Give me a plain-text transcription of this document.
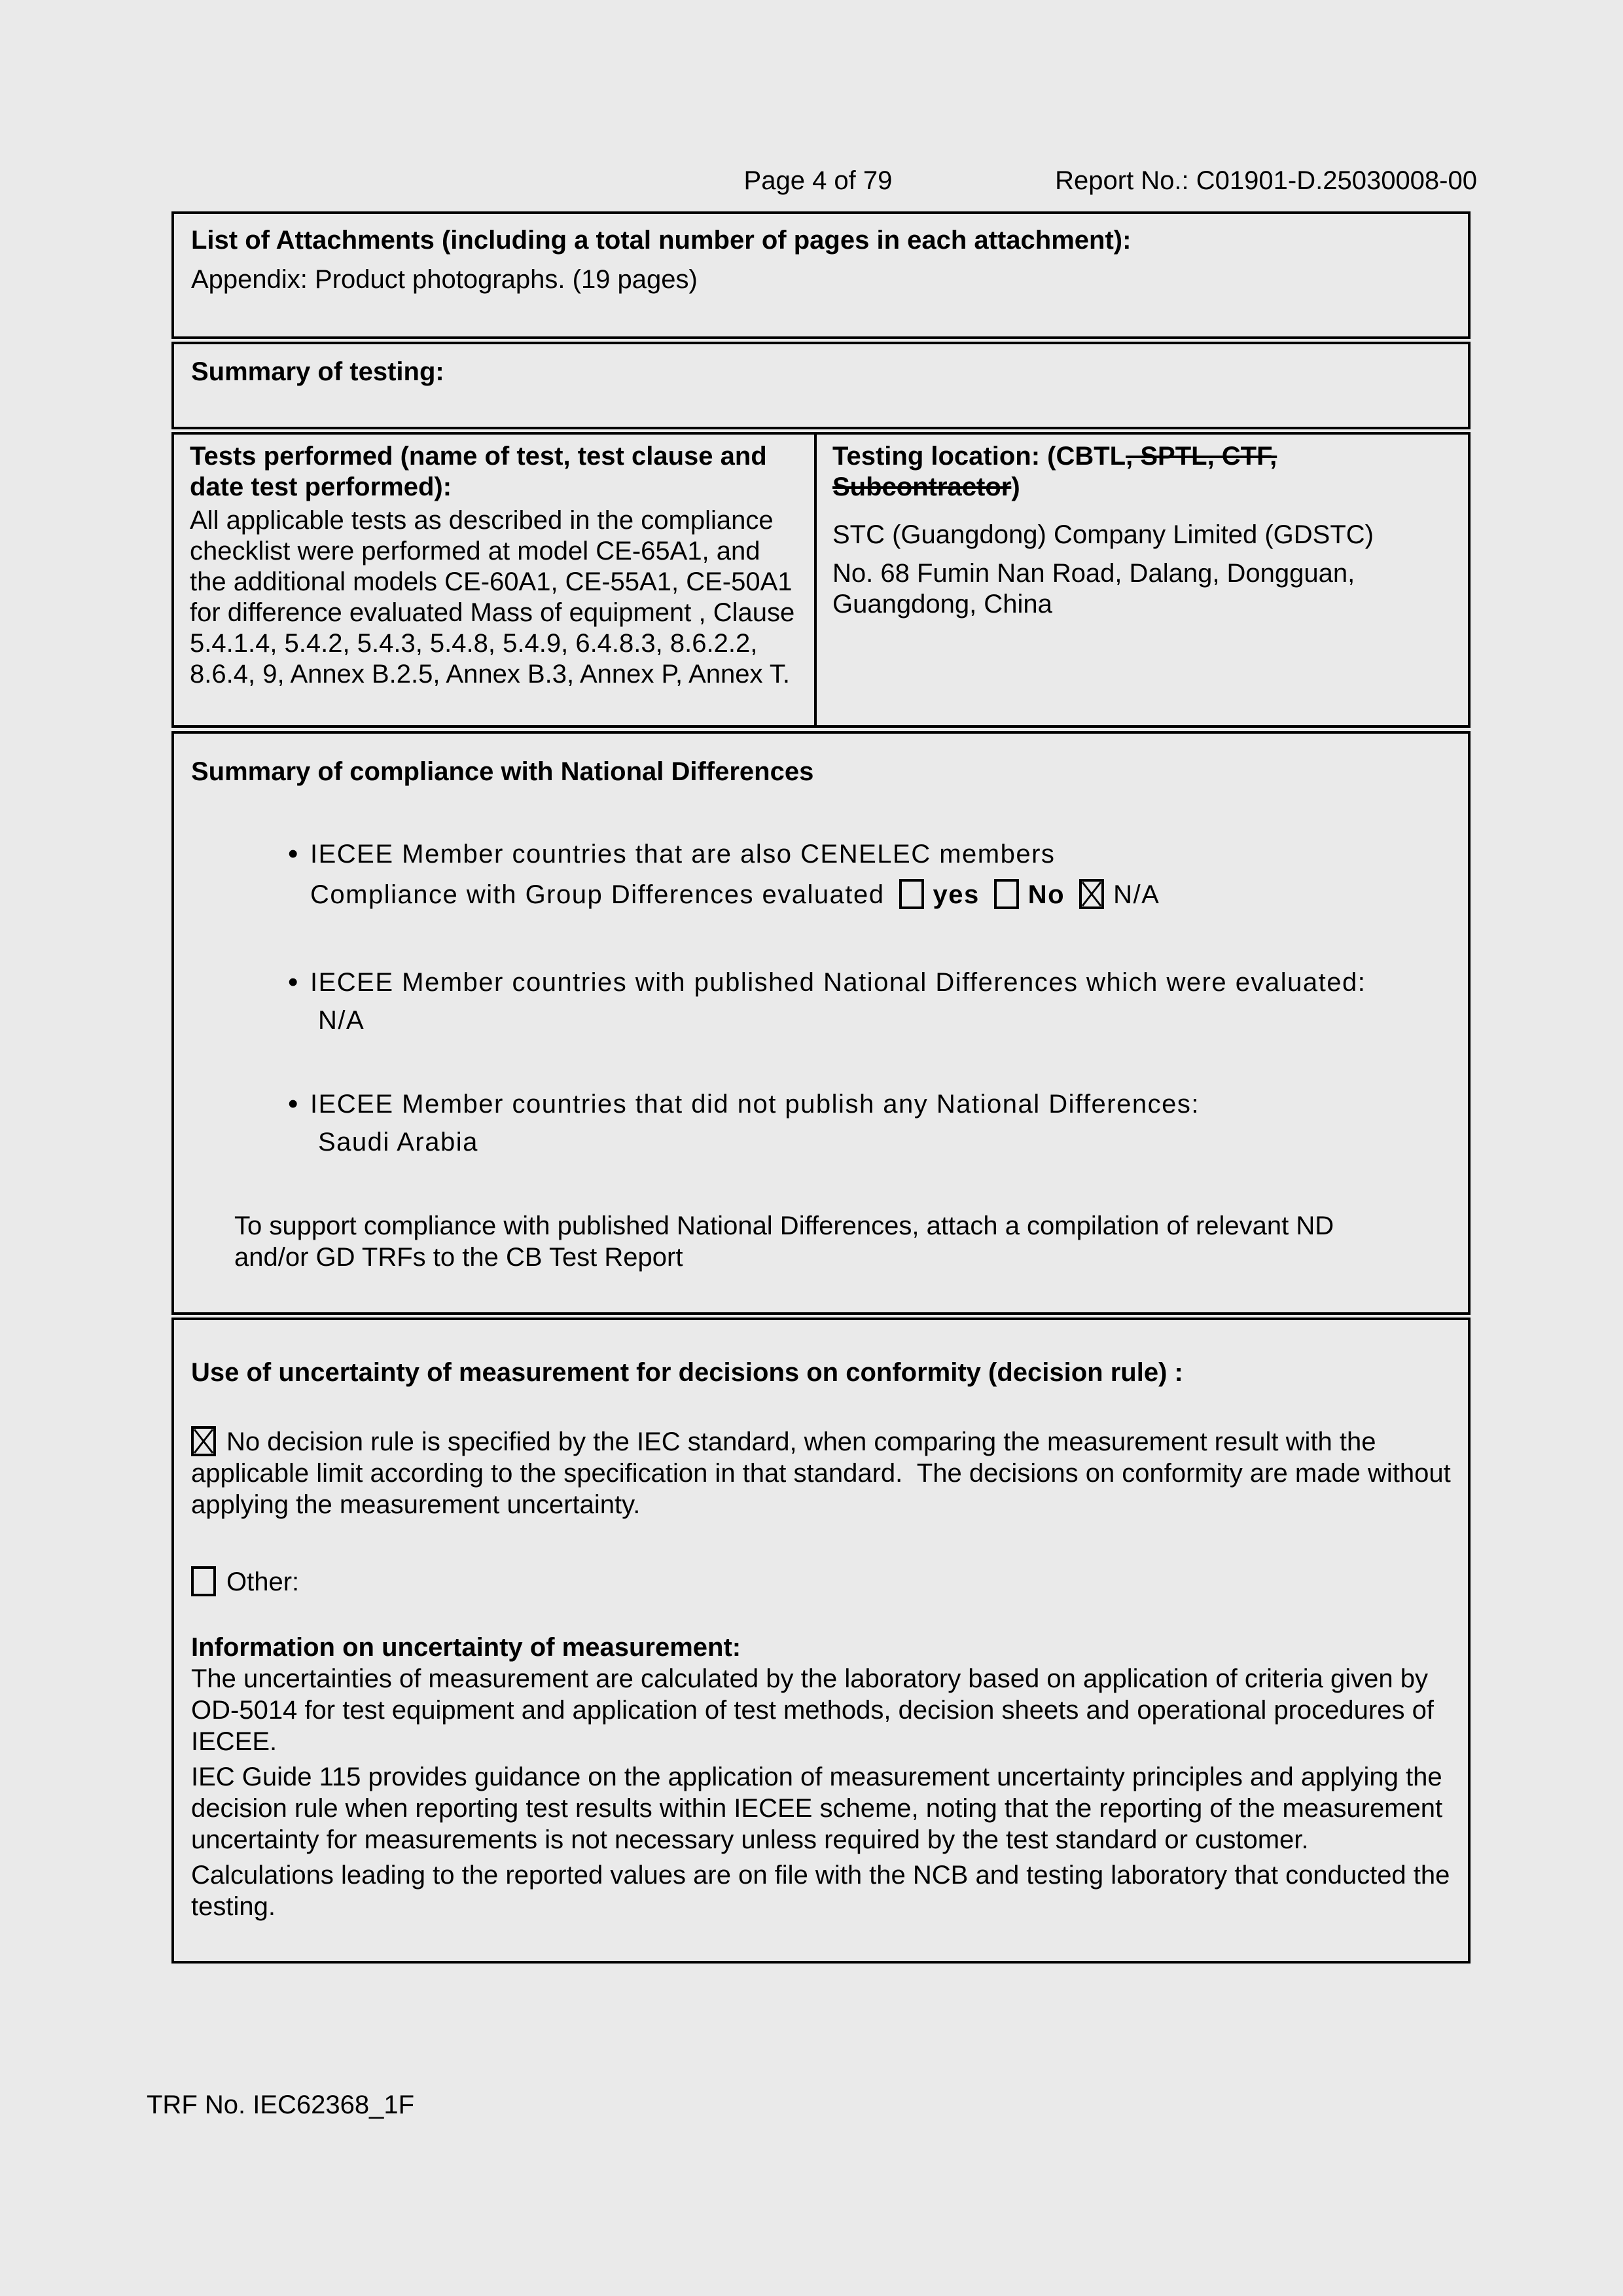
Page 4 of 79	Report No.: C01901-D.25030008-00
List of Attachments (including a total number of pages in each attachment):
Appendix: Product photographs. (19 pages)
Summary of testing:
Tests performed (name of test, test clause and date test performed):
All applicable tests as described in the compliance checklist were performed at model CE-65A1, and the additional models CE-60A1, CE-55A1, CE-50A1 for difference evaluated Mass of equipment , Clause 5.4.1.4, 5.4.2, 5.4.3, 5.4.8, 5.4.9, 6.4.8.3, 8.6.2.2, 8.6.4, 9, Annex B.2.5, Annex B.3, Annex P, Annex T.
Testing location: (CBTL, SPTL, CTF, Subcontractor)
STC (Guangdong) Company Limited (GDSTC)
No. 68 Fumin Nan Road, Dalang, Dongguan, Guangdong, China
Summary of compliance with National Differences
• IECEE Member countries that are also CENELEC members
Compliance with Group Differences evaluated yes No N/A
• IECEE Member countries with published National Differences which were evaluated:
N/A
• IECEE Member countries that did not publish any National Differences:
Saudi Arabia
To support compliance with published National Differences, attach a compilation of relevant ND and/or GD TRFs to the CB Test Report
Use of uncertainty of measurement for decisions on conformity (decision rule) :
No decision rule is specified by the IEC standard, when comparing the measurement result with the applicable limit according to the specification in that standard.  The decisions on conformity are made without applying the measurement uncertainty.
Other:
Information on uncertainty of measurement:
The uncertainties of measurement are calculated by the laboratory based on application of criteria given by OD-5014 for test equipment and application of test methods, decision sheets and operational procedures of IECEE.
IEC Guide 115 provides guidance on the application of measurement uncertainty principles and applying the decision rule when reporting test results within IECEE scheme, noting that the reporting of the measurement uncertainty for measurements is not necessary unless required by the test standard or customer.
Calculations leading to the reported values are on file with the NCB and testing laboratory that conducted the testing.
TRF No. IEC62368_1F
